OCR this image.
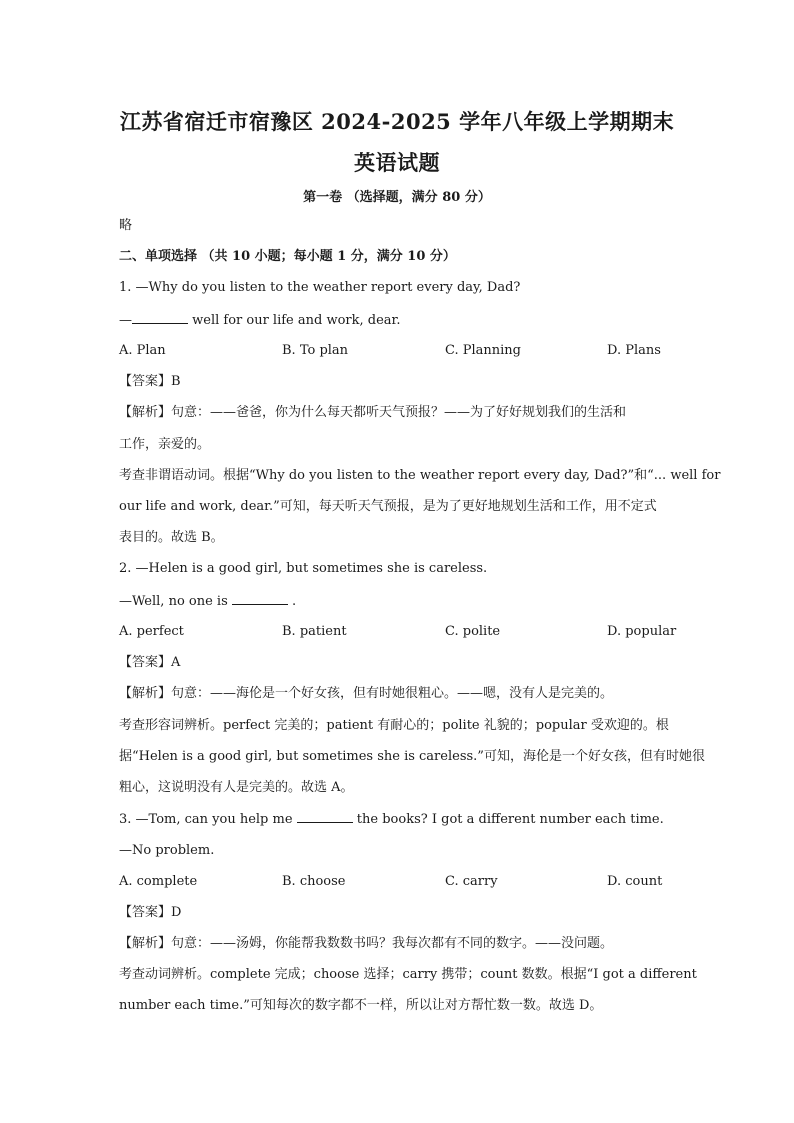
江苏省宿迁市宿豫区 2024-2025 学年八年级上学期期末
英语试题
第一卷 （选择题，满分 80 分）
略
二、单项选择 （共 10 小题；每小题 1 分，满分 10 分）
1. —Why do you listen to the weather report every day, Dad?
—	well for our life and work, dear.
A. Plan	B. To plan	C. Planning	D. Plans
【答案】B
【解析】句意：——爸爸，你为什么每天都听天气预报？——为了好好规划我们的生活和
工作，亲爱的。
考查非谓语动词。根据“Why do you listen to the weather report every day, Dad?”和“... well for
our life and work, dear.”可知，每天听天气预报，是为了更好地规划生活和工作，用不定式
表目的。故选 B。
2. —Helen is a good girl, but sometimes she is careless.
—Well, no one is	.
A. perfect	B. patient	C. polite	D. popular
【答案】A
【解析】句意：——海伦是一个好女孩，但有时她很粗心。——嗯，没有人是完美的。
考查形容词辨析。perfect 完美的；patient 有耐心的；polite 礼貌的；popular 受欢迎的。根
据“Helen is a good girl, but sometimes she is careless.”可知，海伦是一个好女孩，但有时她很
粗心，这说明没有人是完美的。故选 A。
3. —Tom, can you help me	the books? I got a different number each time.
—No problem.
A. complete	B. choose	C. carry	D. count
【答案】D
【解析】句意：——汤姆，你能帮我数数书吗？我每次都有不同的数字。——没问题。
考查动词辨析。complete 完成；choose 选择；carry 携带；count 数数。根据“I got a different
number each time.”可知每次的数字都不一样，所以让对方帮忙数一数。故选 D。
